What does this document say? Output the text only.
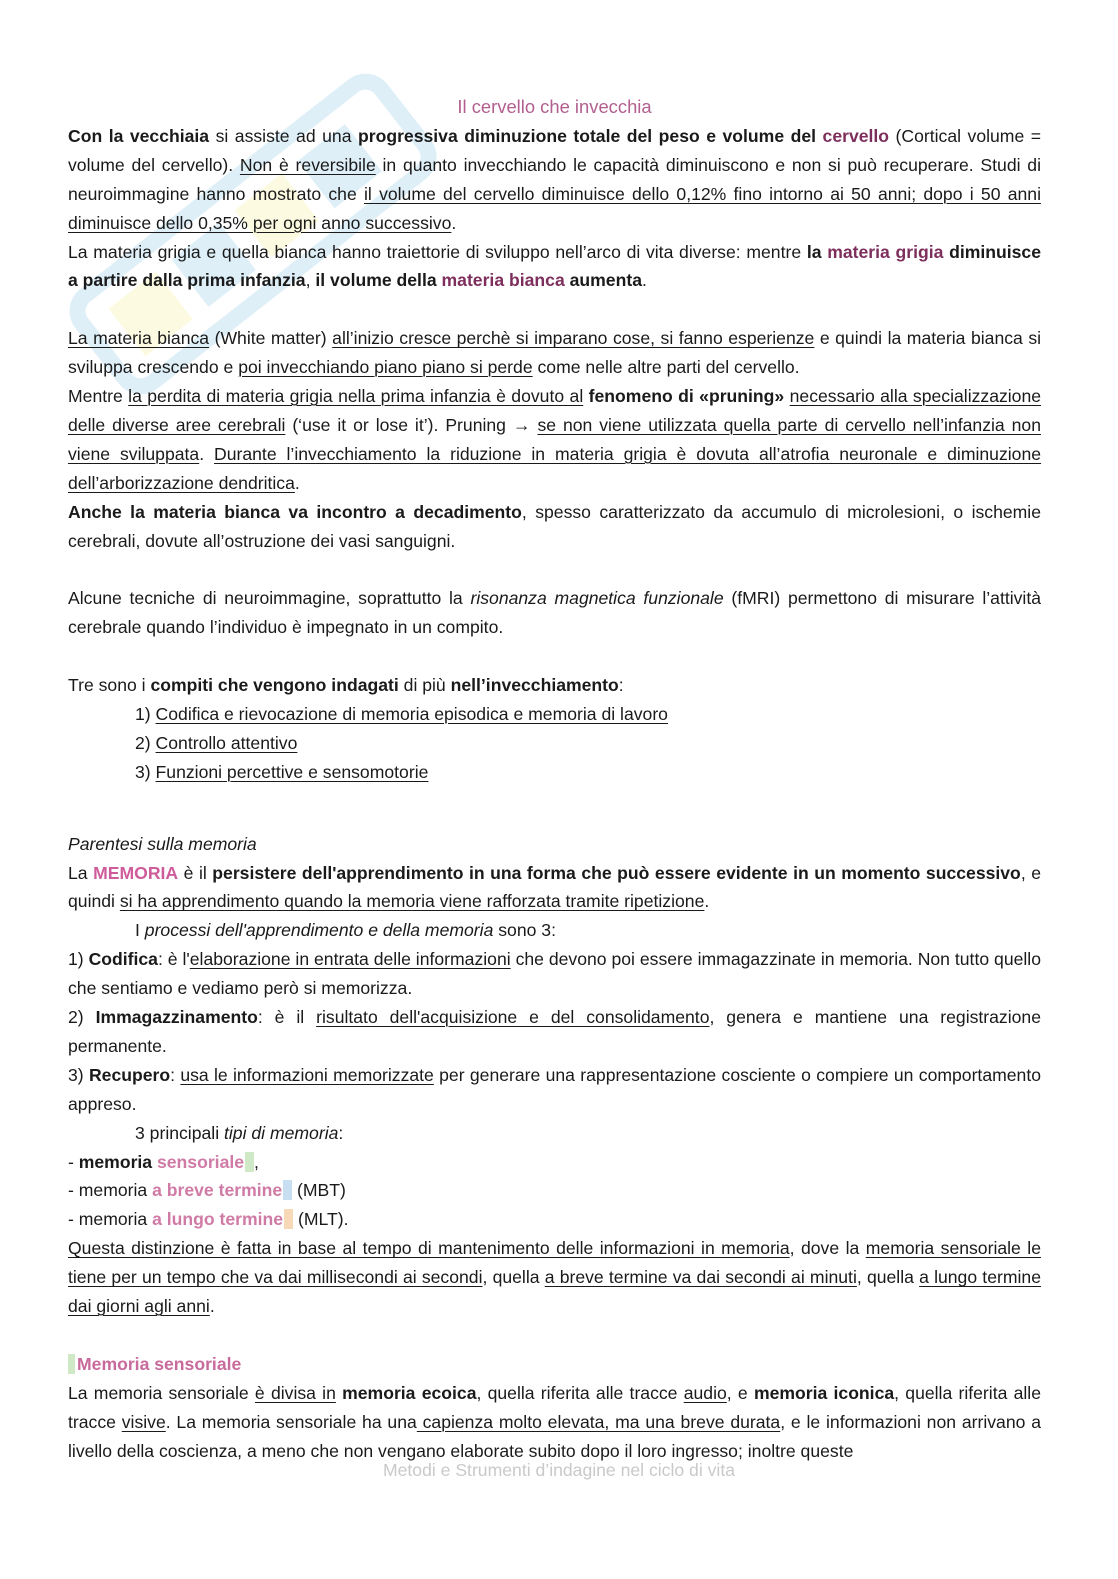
Il cervello che invecchia

Con la vecchiaia si assiste ad una progressiva diminuzione totale del peso e volume del cervello (Cortical volume = volume del cervello). Non è reversibile in quanto invecchiando le capacità diminuiscono e non si può recuperare. Studi di neuroimmagine hanno mostrato che il volume del cervello diminuisce dello 0,12% fino intorno ai 50 anni; dopo i 50 anni diminuisce dello 0,35% per ogni anno successivo.

La materia grigia e quella bianca hanno traiettorie di sviluppo nell’arco di vita diverse: mentre la materia grigia diminuisce a partire dalla prima infanzia, il volume della materia bianca aumenta.

La materia bianca (White matter) all’inizio cresce perchè si imparano cose, si fanno esperienze e quindi la materia bianca si sviluppa crescendo e poi invecchiando piano piano si perde come nelle altre parti del cervello.

Mentre la perdita di materia grigia nella prima infanzia è dovuto al fenomeno di «pruning» necessario alla specializzazione delle diverse aree cerebrali (‘use it or lose it’). Pruning → se non viene utilizzata quella parte di cervello nell’infanzia non viene sviluppata. Durante l’invecchiamento la riduzione in materia grigia è dovuta all’atrofia neuronale e diminuzione dell’arborizzazione dendritica.

Anche la materia bianca va incontro a decadimento, spesso caratterizzato da accumulo di microlesioni, o ischemie cerebrali, dovute all’ostruzione dei vasi sanguigni.

Alcune tecniche di neuroimmagine, soprattutto la risonanza magnetica funzionale (fMRI) permettono di misurare l’attività cerebrale quando l’individuo è impegnato in un compito.

Tre sono i compiti che vengono indagati di più nell’invecchiamento:

1) Codifica e rievocazione di memoria episodica e memoria di lavoro
2) Controllo attentivo
3) Funzioni percettive e sensomotorie

Parentesi sulla memoria

La MEMORIA è il persistere dell'apprendimento in una forma che può essere evidente in un momento successivo, e quindi si ha apprendimento quando la memoria viene rafforzata tramite ripetizione.

I processi dell'apprendimento e della memoria sono 3:

1) Codifica: è l'elaborazione in entrata delle informazioni che devono poi essere immagazzinate in memoria. Non tutto quello che sentiamo e vediamo però si memorizza.

2) Immagazzinamento: è il risultato dell'acquisizione e del consolidamento, genera e mantiene una registrazione permanente.

3) Recupero: usa le informazioni memorizzate per generare una rappresentazione cosciente o compiere un comportamento appreso.

3 principali tipi di memoria:

- memoria sensoriale ,
- memoria a breve termine (MBT)
- memoria a lungo termine (MLT).

Questa distinzione è fatta in base al tempo di mantenimento delle informazioni in memoria, dove la memoria sensoriale le tiene per un tempo che va dai millisecondi ai secondi, quella a breve termine va dai secondi ai minuti, quella a lungo termine dai giorni agli anni.

Memoria sensoriale

La memoria sensoriale è divisa in memoria ecoica, quella riferita alle tracce audio, e memoria iconica, quella riferita alle tracce visive. La memoria sensoriale ha una capienza molto elevata, ma una breve durata, e le informazioni non arrivano a livello della coscienza, a meno che non vengano elaborate subito dopo il loro ingresso; inoltre queste

Metodi e Strumenti d’indagine nel ciclo di vita
